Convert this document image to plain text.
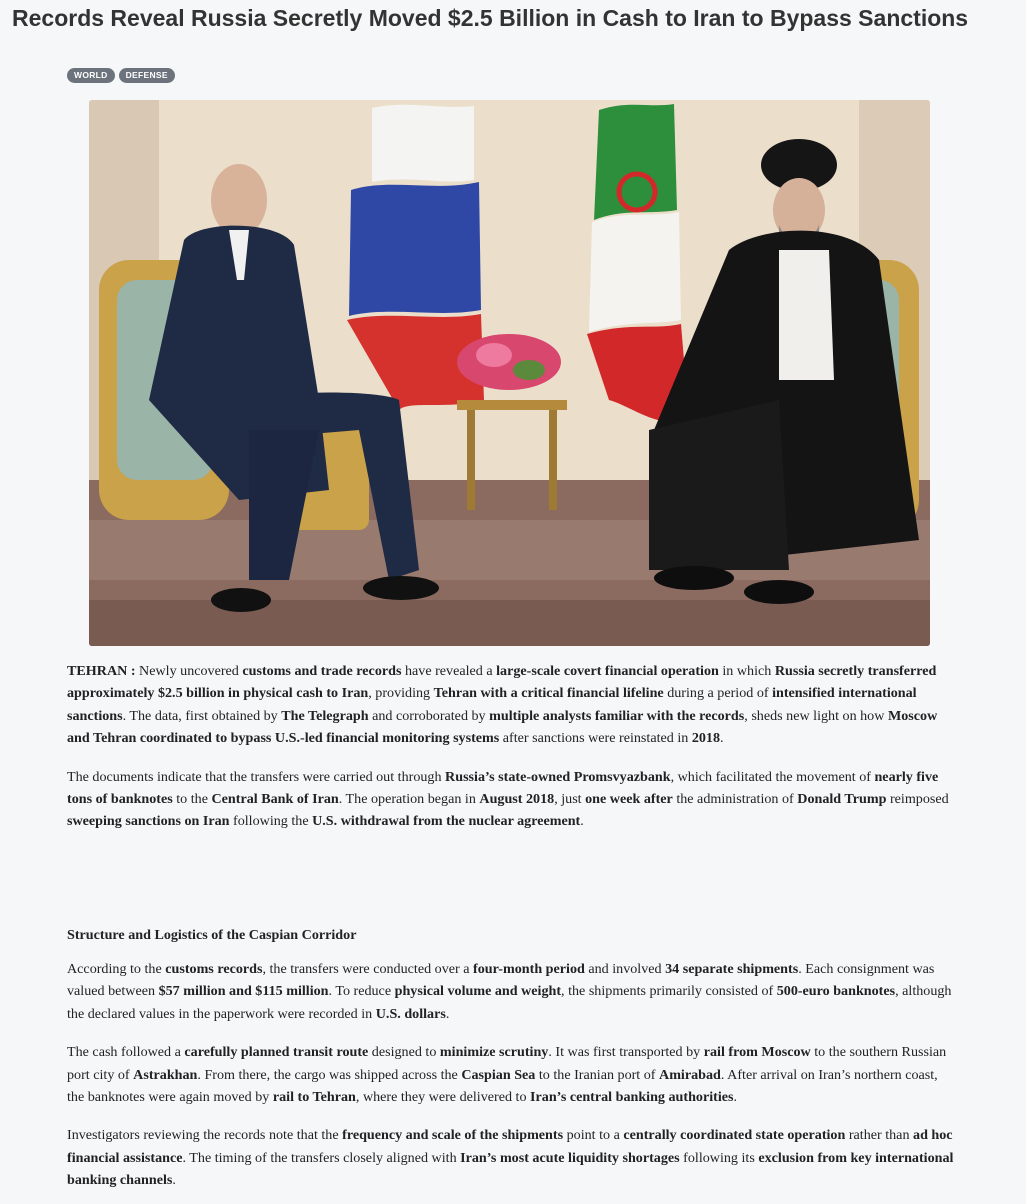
Records Reveal Russia Secretly Moved $2.5 Billion in Cash to Iran to Bypass Sanctions
WORLD	DEFENSE

TEHRAN : Newly uncovered customs and trade records have revealed a large-scale covert financial operation in which Russia secretly transferred approximately $2.5 billion in physical cash to Iran, providing Tehran with a critical financial lifeline during a period of intensified international sanctions. The data, first obtained by The Telegraph and corroborated by multiple analysts familiar with the records, sheds new light on how Moscow and Tehran coordinated to bypass U.S.-led financial monitoring systems after sanctions were reinstated in 2018.

The documents indicate that the transfers were carried out through Russia’s state-owned Promsvyazbank, which facilitated the movement of nearly five tons of banknotes to the Central Bank of Iran. The operation began in August 2018, just one week after the administration of Donald Trump reimposed sweeping sanctions on Iran following the U.S. withdrawal from the nuclear agreement.

Structure and Logistics of the Caspian Corridor

According to the customs records, the transfers were conducted over a four-month period and involved 34 separate shipments. Each consignment was valued between $57 million and $115 million. To reduce physical volume and weight, the shipments primarily consisted of 500-euro banknotes, although the declared values in the paperwork were recorded in U.S. dollars.

The cash followed a carefully planned transit route designed to minimize scrutiny. It was first transported by rail from Moscow to the southern Russian port city of Astrakhan. From there, the cargo was shipped across the Caspian Sea to the Iranian port of Amirabad. After arrival on Iran’s northern coast, the banknotes were again moved by rail to Tehran, where they were delivered to Iran’s central banking authorities.

Investigators reviewing the records note that the frequency and scale of the shipments point to a centrally coordinated state operation rather than ad hoc financial assistance. The timing of the transfers closely aligned with Iran’s most acute liquidity shortages following its exclusion from key international banking channels.
